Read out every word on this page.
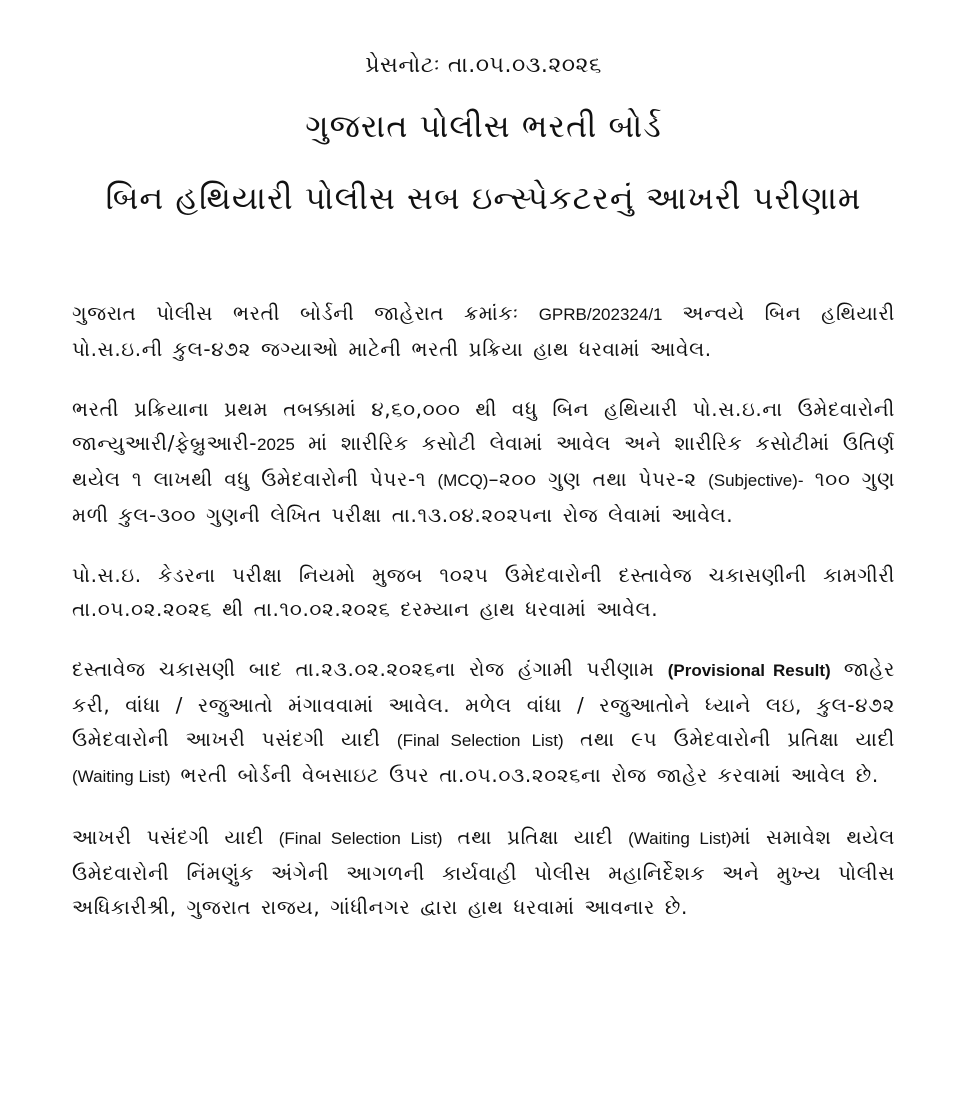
પ્રેસનોટઃ તા.૦૫.૦૩.૨૦૨૬
ગુજરાત પોલીસ ભરતી બોર્ડ
બિન હથિયારી પોલીસ સબ ઇન્સ્પેકટરનું આખરી પરીણામ

ગુજરાત પોલીસ ભરતી બોર્ડની જાહેરાત ક્રમાંકઃ GPRB/202324/1 અન્વયે બિન હથિયારી પો.સ.ઇ.ની કુલ-૪૭૨ જગ્યાઓ માટેની ભરતી પ્રક્રિયા હાથ ધરવામાં આવેલ.

ભરતી પ્રક્રિયાના પ્રથમ તબક્કામાં ૪,૬૦,૦૦૦ થી વધુ બિન હથિયારી પો.સ.ઇ.ના ઉમેદવારોની જાન્યુઆરી/ફેબ્રુઆરી-2025 માં શારીરિક કસોટી લેવામાં આવેલ અને શારીરિક કસોટીમાં ઉતિર્ણ થયેલ ૧ લાખથી વધુ ઉમેદવારોની પેપર-૧ (MCQ)–૨૦૦ ગુણ તથા પેપર-૨ (Subjective)- ૧૦૦ ગુણ મળી કુલ-૩૦૦ ગુણની લેખિત પરીક્ષા તા.૧૩.૦૪.૨૦૨૫ના રોજ લેવામાં આવેલ.

પો.સ.ઇ. કેડરના પરીક્ષા નિયમો મુજબ ૧૦૨૫ ઉમેદવારોની દસ્તાવેજ ચકાસણીની કામગીરી તા.૦૫.૦૨.૨૦૨૬ થી તા.૧૦.૦૨.૨૦૨૬ દરમ્યાન હાથ ધરવામાં આવેલ.

દસ્તાવેજ ચકાસણી બાદ તા.૨૩.૦૨.૨૦૨૬ના રોજ હંગામી પરીણામ (Provisional Result) જાહેર કરી, વાંધા / રજુઆતો મંગાવવામાં આવેલ. મળેલ વાંધા / રજુઆતોને ધ્યાને લઇ, કુલ-૪૭૨ ઉમેદવારોની આખરી પસંદગી યાદી (Final Selection List) તથા ૯૫ ઉમેદવારોની પ્રતિક્ષા યાદી (Waiting List) ભરતી બોર્ડની વેબસાઇટ ઉપર તા.૦૫.૦૩.૨૦૨૬ના રોજ જાહેર કરવામાં આવેલ છે.

આખરી પસંદગી યાદી (Final Selection List) તથા પ્રતિક્ષા યાદી (Waiting List)માં સમાવેશ થયેલ ઉમેદવારોની નિંમણુંક અંગેની આગળની કાર્યવાહી પોલીસ મહાનિર્દેશક અને મુખ્ય પોલીસ અધિકારીશ્રી, ગુજરાત રાજય, ગાંધીનગર દ્વારા હાથ ધરવામાં આવનાર છે.
